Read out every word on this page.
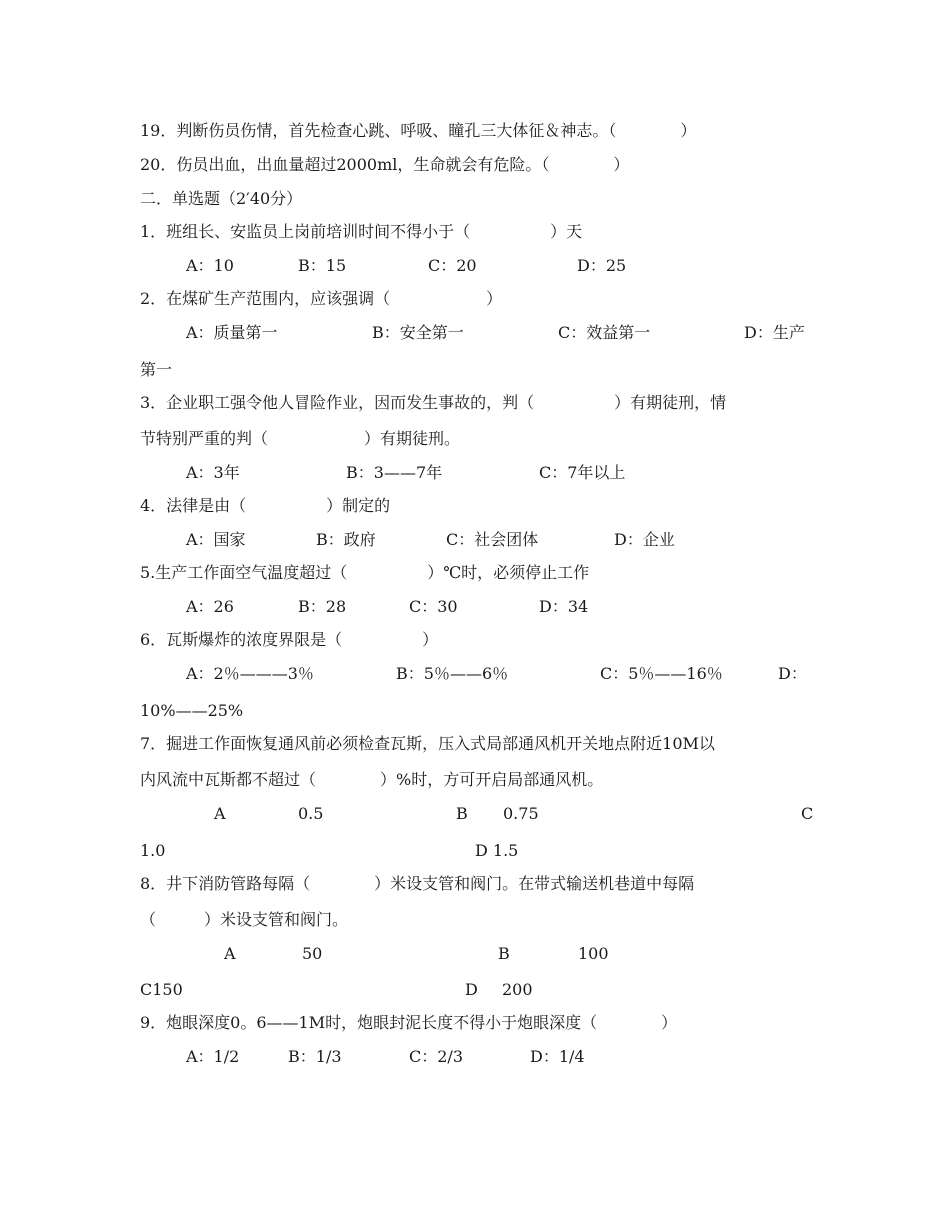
19．判断伤员伤情，首先检查心跳、呼吸、瞳孔三大体征＆神志。（　　　　）
20．伤员出血，出血量超过2000ml，生命就会有危险。（　　　　）
二．单选题（2′40分）
1．班组长、安监员上岗前培训时间不得小于（　　　　　）天
A：10	B：15	C：20	D：25
2．在煤矿生产范围内，应该强调（　　　　　　）
A：质量第一	B：安全第一	C：效益第一	D：生产
第一
3．企业职工强令他人冒险作业，因而发生事故的，判（　　　　　）有期徒刑，情
节特别严重的判（　　　　　　）有期徒刑。
A：3年	B：3——7年	C：7年以上
4．法律是由（　　　　　）制定的
A：国家	B：政府	C：社会团体	D：企业
5.生产工作面空气温度超过（　　　　　）℃时，必须停止工作
A：26	B：28	C：30	D：34
6．瓦斯爆炸的浓度界限是（　　　　　）
A：2％———3％	B：5％——6％	C：5％——16％	D：
10%——25%
7．掘进工作面恢复通风前必须检查瓦斯，压入式局部通风机开关地点附近10M以
内风流中瓦斯都不超过（　　　　）%时，方可开启局部通风机。
A	0.5	B 0.75	C
1.0	D 1.5
8．井下消防管路每隔（　　　　）米设支管和阀门。在带式输送机巷道中每隔
（　　　）米设支管和阀门。
A	50	B	100
C150	D 200
9．炮眼深度0。6——1M时，炮眼封泥长度不得小于炮眼深度（　　　　）
A：1/2	B：1/3	C：2/3	D：1/4
